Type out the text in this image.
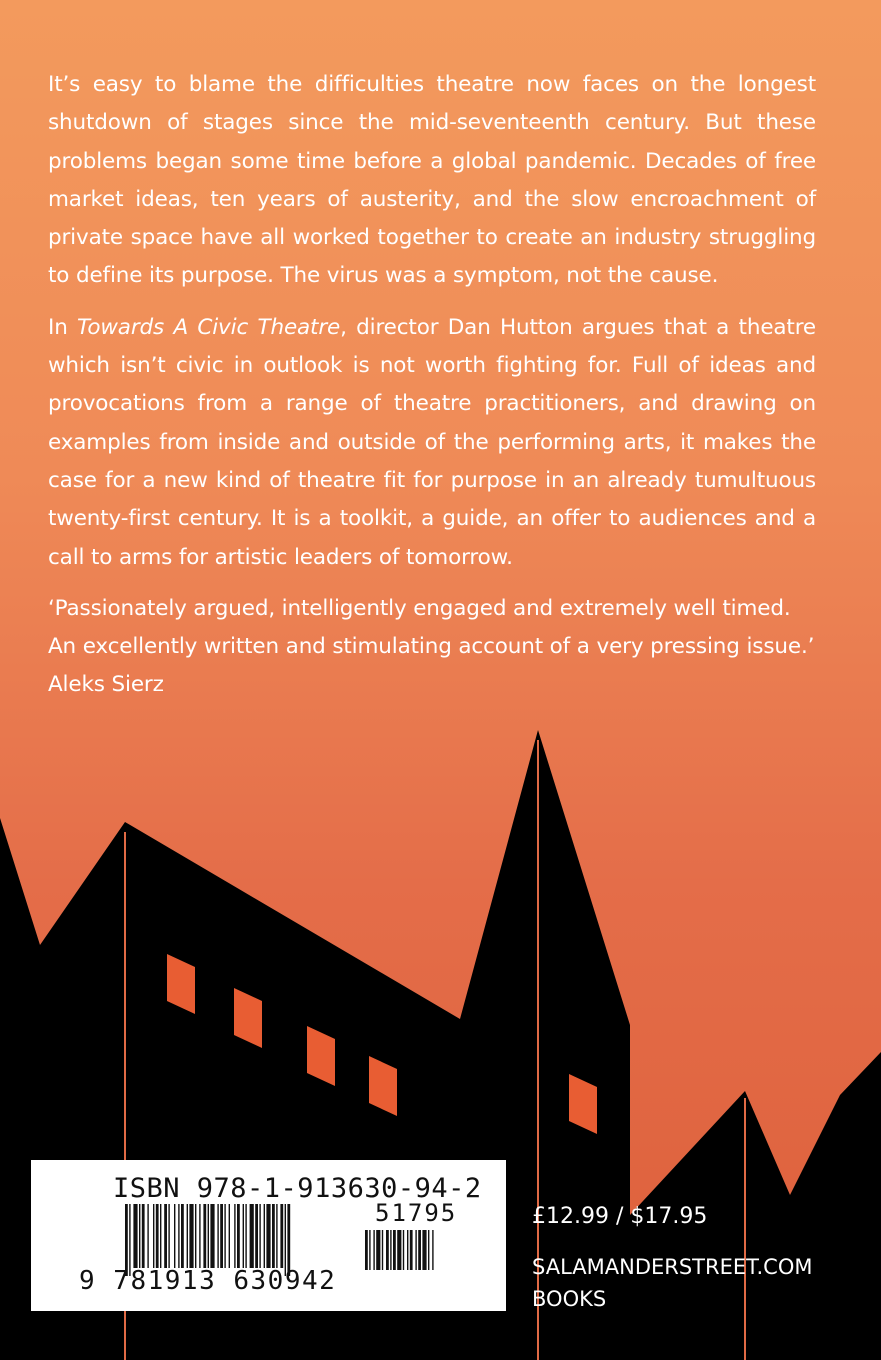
It’s easy to blame the difficulties theatre now faces on the longest shutdown of stages since the mid-seventeenth century. But these problems began some time before a global pandemic. Decades of free market ideas, ten years of austerity, and the slow encroachment of private space have all worked together to create an industry struggling to define its purpose. The virus was a symptom, not the cause.

In Towards A Civic Theatre, director Dan Hutton argues that a theatre which isn’t civic in outlook is not worth fighting for. Full of ideas and provocations from a range of theatre practitioners, and drawing on examples from inside and outside of the performing arts, it makes the case for a new kind of theatre fit for purpose in an already tumultuous twenty-first century. It is a toolkit, a guide, an offer to audiences and a call to arms for artistic leaders of tomorrow.

‘Passionately argued, intelligently engaged and extremely well timed. An excellently written and stimulating account of a very pressing issue.’ Aleks Sierz

ISBN 978-1-913630-94-2
9 781913 630942
51795	£12.99 / $17.95
SALAMANDERSTREET.COM
BOOKS
